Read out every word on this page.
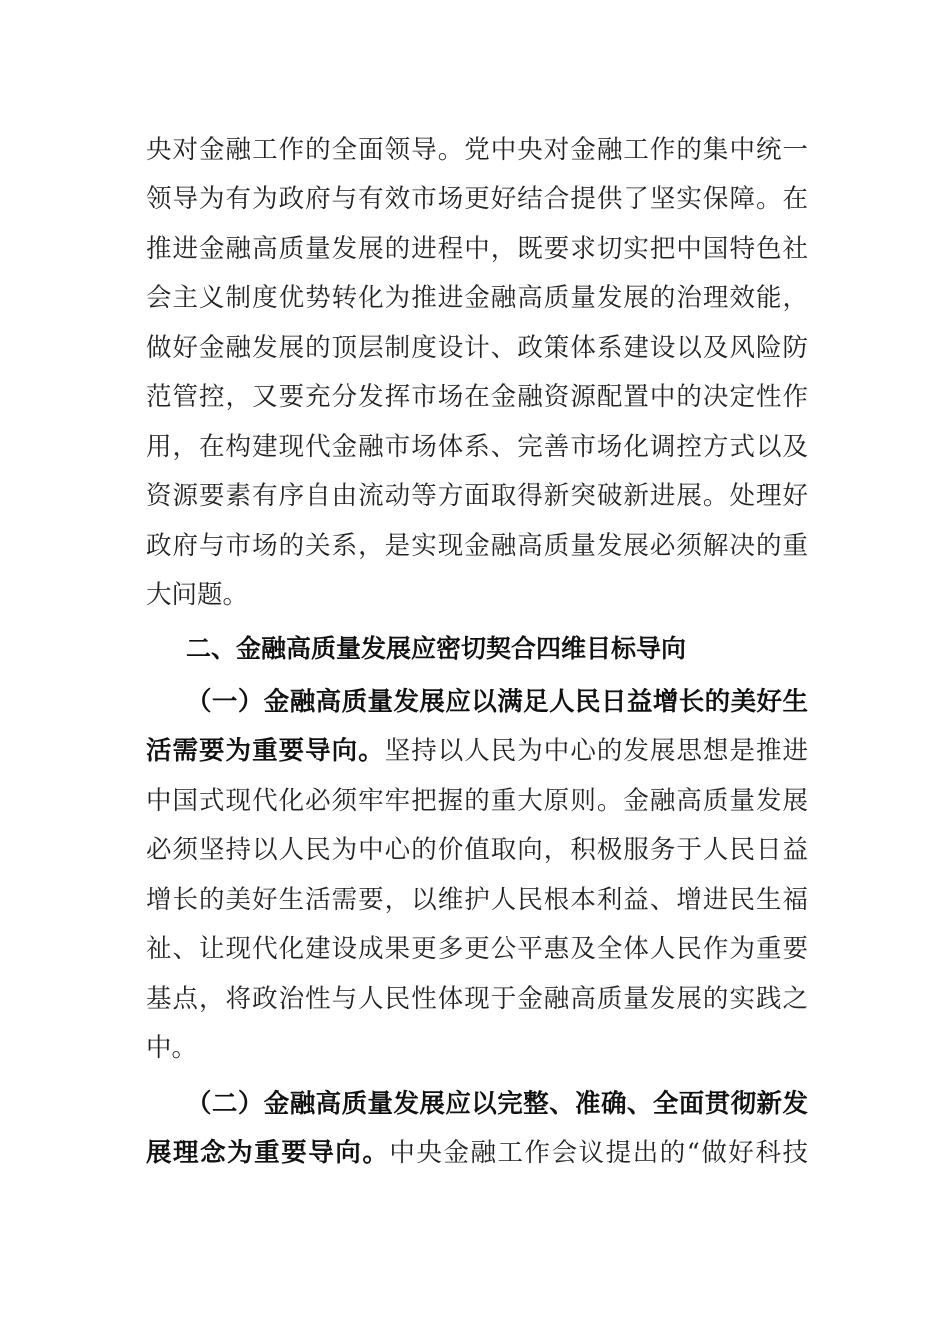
央对金融工作的全面领导。党中央对金融工作的集中统一

领导为有为政府与有效市场更好结合提供了坚实保障。在

推进金融高质量发展的进程中，既要求切实把中国特色社

会主义制度优势转化为推进金融高质量发展的治理效能，

做好金融发展的顶层制度设计、政策体系建设以及风险防

范管控，又要充分发挥市场在金融资源配置中的决定性作

用，在构建现代金融市场体系、完善市场化调控方式以及

资源要素有序自由流动等方面取得新突破新进展。处理好

政府与市场的关系，是实现金融高质量发展必须解决的重

大问题。

二、金融高质量发展应密切契合四维目标导向

（一）金融高质量发展应以满足人民日益增长的美好生

活需要为重要导向。坚持以人民为中心的发展思想是推进

中国式现代化必须牢牢把握的重大原则。金融高质量发展

必须坚持以人民为中心的价值取向，积极服务于人民日益

增长的美好生活需要，以维护人民根本利益、增进民生福

祉、让现代化建设成果更多更公平惠及全体人民作为重要

基点，将政治性与人民性体现于金融高质量发展的实践之

中。

（二）金融高质量发展应以完整、准确、全面贯彻新发

展理念为重要导向。中央金融工作会议提出的“做好科技
